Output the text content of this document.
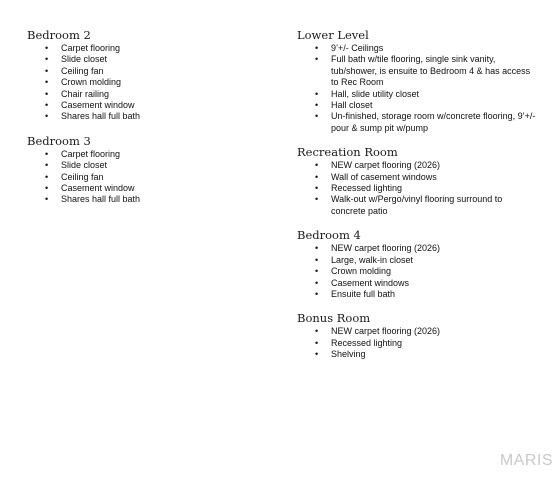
Bedroom 2
• Carpet flooring
• Slide closet
• Ceiling fan
• Crown molding
• Chair railing
• Casement window
• Shares hall full bath
Bedroom 3
• Carpet flooring
• Slide closet
• Ceiling fan
• Casement window
• Shares hall full bath
Lower Level
• 9’+/- Ceilings
• Full bath w/tile flooring, single sink vanity, tub/shower, is ensuite to Bedroom 4 & has access to Rec Room
• Hall, slide utility closet
• Hall closet
• Un-finished, storage room w/concrete flooring, 9’+/- pour & sump pit w/pump
Recreation Room
• NEW carpet flooring (2026)
• Wall of casement windows
• Recessed lighting
• Walk-out w/Pergo/vinyl flooring surround to concrete patio
Bedroom 4
• NEW carpet flooring (2026)
• Large, walk-in closet
• Crown molding
• Casement windows
• Ensuite full bath
Bonus Room
• NEW carpet flooring (2026)
• Recessed lighting
• Shelving
MARIS
